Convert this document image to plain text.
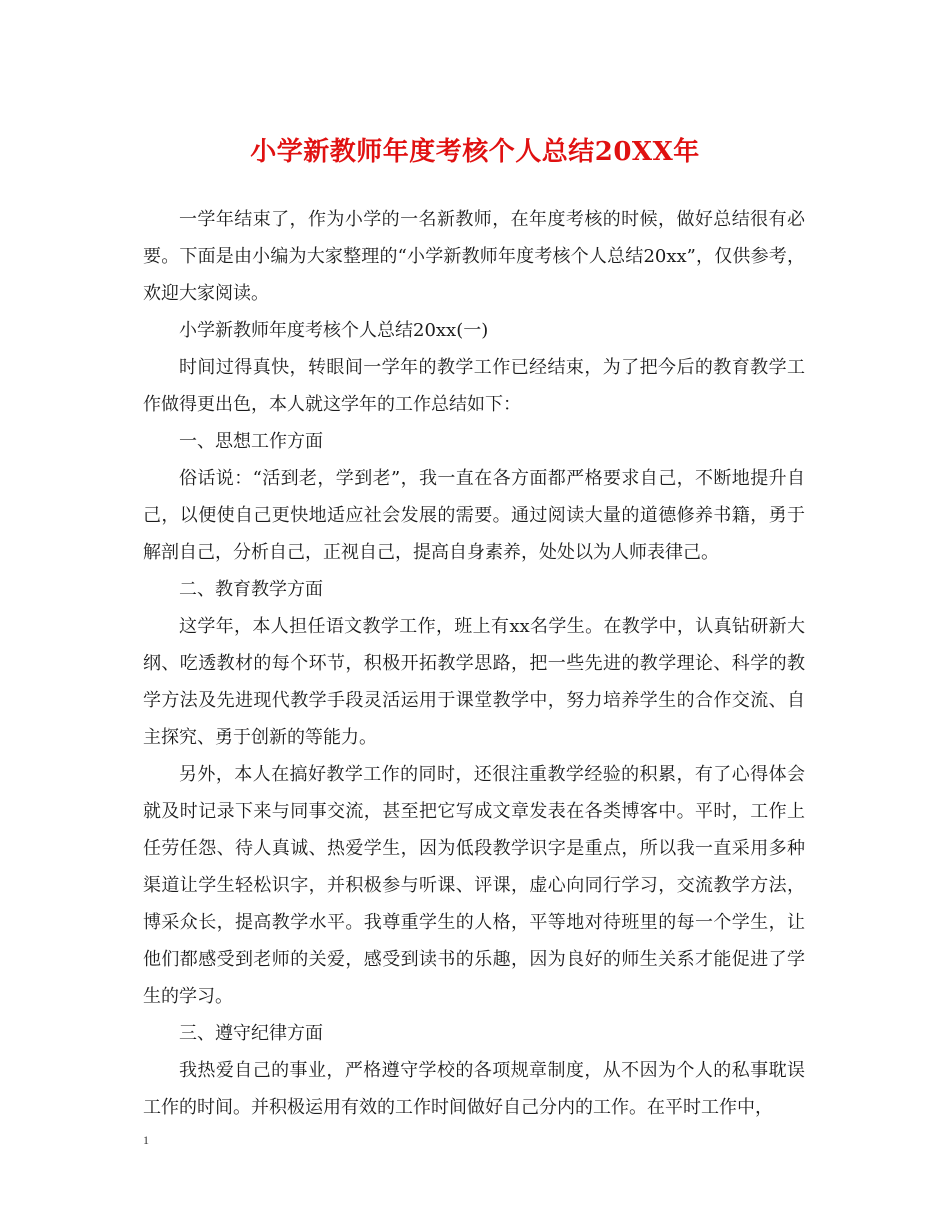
小学新教师年度考核个人总结20XX年

一学年结束了，作为小学的一名新教师，在年度考核的时候，做好总结很有必要。下面是由小编为大家整理的“小学新教师年度考核个人总结20xx”，仅供参考，欢迎大家阅读。

小学新教师年度考核个人总结20xx(一)

时间过得真快，转眼间一学年的教学工作已经结束，为了把今后的教育教学工作做得更出色，本人就这学年的工作总结如下：

一、思想工作方面

俗话说：“活到老，学到老”，我一直在各方面都严格要求自己，不断地提升自己，以便使自己更快地适应社会发展的需要。通过阅读大量的道德修养书籍，勇于解剖自己，分析自己，正视自己，提高自身素养，处处以为人师表律己。

二、教育教学方面

这学年，本人担任语文教学工作，班上有xx名学生。在教学中，认真钻研新大纲、吃透教材的每个环节，积极开拓教学思路，把一些先进的教学理论、科学的教学方法及先进现代教学手段灵活运用于课堂教学中，努力培养学生的合作交流、自主探究、勇于创新的等能力。

另外，本人在搞好教学工作的同时，还很注重教学经验的积累，有了心得体会就及时记录下来与同事交流，甚至把它写成文章发表在各类博客中。平时，工作上任劳任怨、待人真诚、热爱学生，因为低段教学识字是重点，所以我一直采用多种渠道让学生轻松识字，并积极参与听课、评课，虚心向同行学习，交流教学方法，博采众长，提高教学水平。我尊重学生的人格，平等地对待班里的每一个学生，让他们都感受到老师的关爱，感受到读书的乐趣，因为良好的师生关系才能促进了学生的学习。

三、遵守纪律方面

我热爱自己的事业，严格遵守学校的各项规章制度，从不因为个人的私事耽误工作的时间。并积极运用有效的工作时间做好自己分内的工作。在平时工作中，

1
